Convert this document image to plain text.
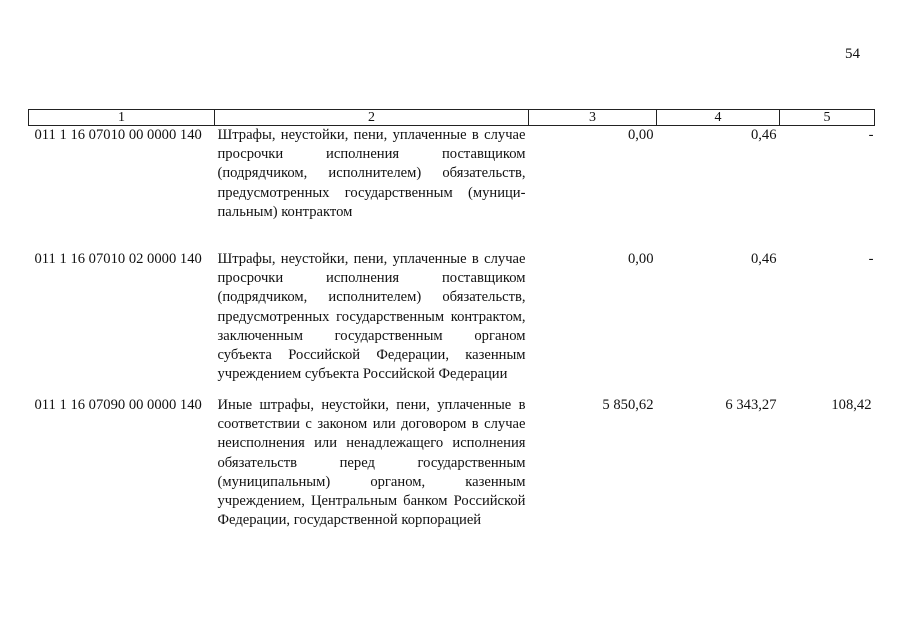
54
1	2	3	4	5
011 1 16 07010 00 0000 140	Штрафы, неустойки, пени, уплаченные в случае просрочки исполнения поставщиком (подрядчиком, исполнителем) обязательств, предусмотренных государственным (муниципальным) контрактом	0,00	0,46	-
011 1 16 07010 02 0000 140	Штрафы, неустойки, пени, уплаченные в случае просрочки исполнения поставщиком (подрядчиком, исполнителем) обязательств, предусмотренных государственным контрактом, заключенным государственным органом субъекта Российской Федерации, казенным учреждением субъекта Российской Федерации	0,00	0,46	-
011 1 16 07090 00 0000 140	Иные штрафы, неустойки, пени, уплаченные в соответствии с законом или договором в случае неисполнения или ненадлежащего исполнения обязательств перед государственным (муниципальным) органом, казенным учреждением, Центральным банком Российской Федерации, государственной корпорацией	5 850,62	6 343,27	108,42
